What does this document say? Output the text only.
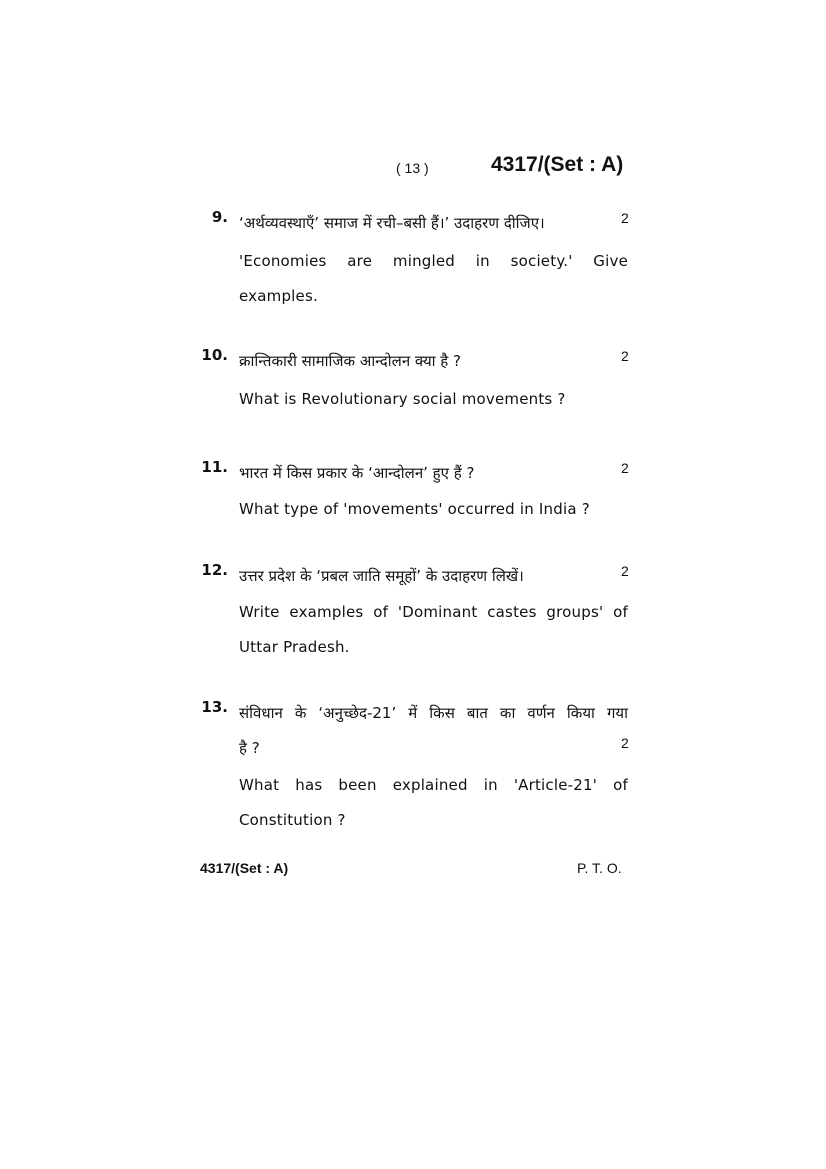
( 13 )	4317/(Set : A)
9. ‘अर्थव्यवस्थाएँ’ समाज में रची–बसी हैं।’ उदाहरण दीजिए।	2
'Economies are mingled in society.' Give
examples.
10. क्रान्तिकारी सामाजिक आन्दोलन क्या है ?	2
What is Revolutionary social movements ?
11. भारत में किस प्रकार के ‘आन्दोलन’ हुए हैं ?	2
What type of 'movements' occurred in India ?
12. उत्तर प्रदेश के ‘प्रबल जाति समूहों’ के उदाहरण लिखें।	2
Write examples of 'Dominant castes groups' of
Uttar Pradesh.
13. संविधान के ‘अनुच्छेद-21’ में किस बात का वर्णन किया गया
है ?	2
What has been explained in 'Article-21' of
Constitution ?
4317/(Set : A)	P. T. O.
